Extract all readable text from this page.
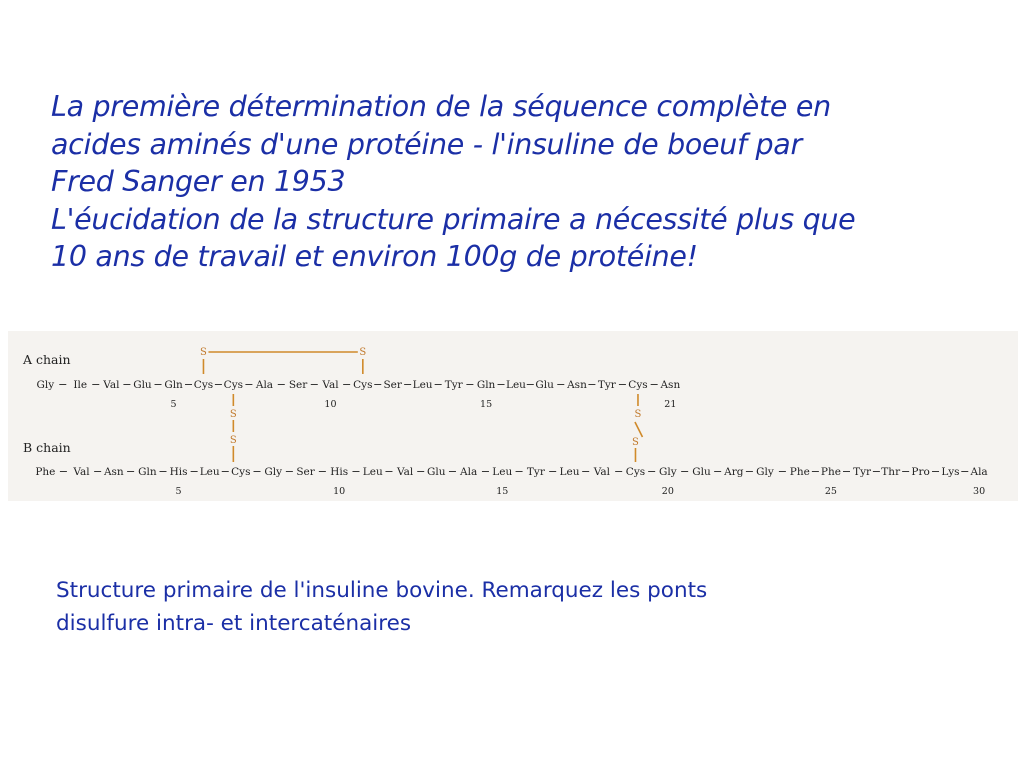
La première détermination de la séquence complète en
acides aminés d'une protéine - l'insuline de boeuf par
Fred Sanger en 1953
L'éucidation de la structure primaire a nécessité plus que
10 ans de travail et environ 100g de protéine!
A chain
B chain
Gly Ile Val Glu Gln Cys Cys Ala Ser Val Cys Ser Leu Tyr Gln Leu Glu Asn Tyr Cys Asn
Phe Val Asn Gln His Leu Cys Gly Ser His Leu Val Glu Ala Leu Tyr Leu Val Cys Gly Glu Arg Gly Phe Phe Tyr Thr Pro Lys Ala
5	10	15	21
5	10	15	20	25	30
S	S
S
S
S
S
Structure primaire de l'insuline bovine. Remarquez les ponts
disulfure intra- et intercaténaires
